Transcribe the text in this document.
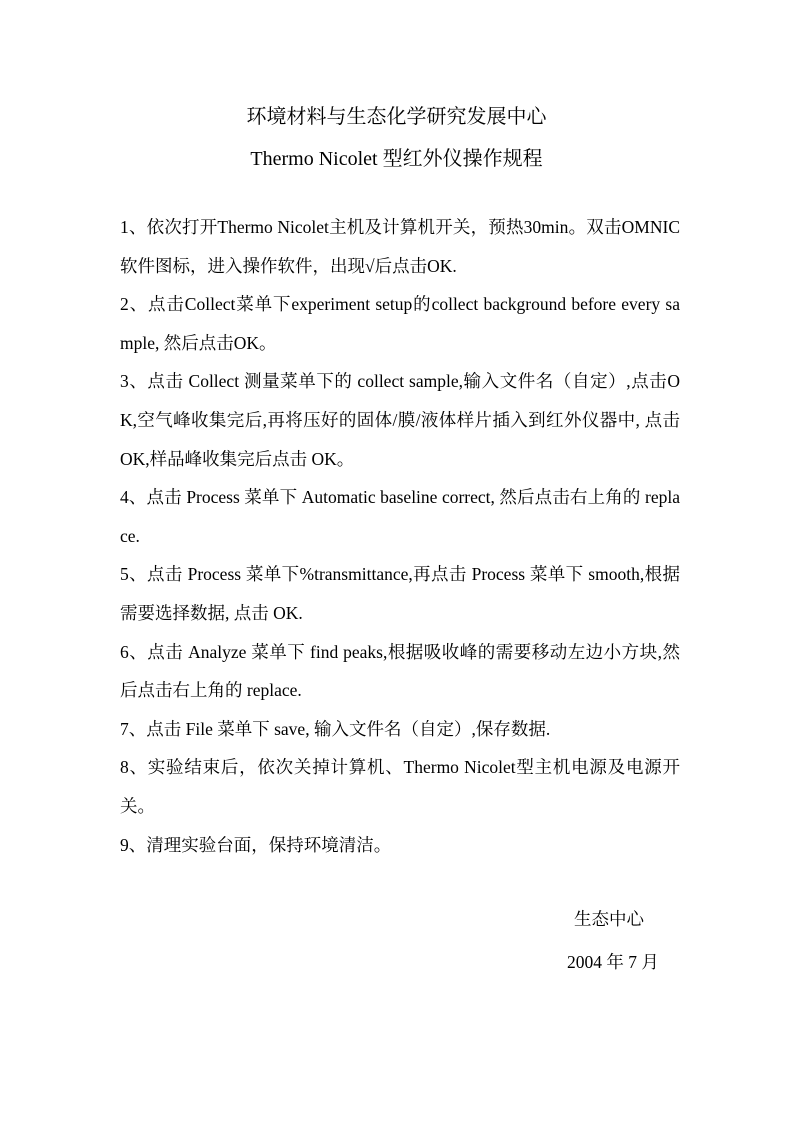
环境材料与生态化学研究发展中心
Thermo Nicolet 型红外仪操作规程
1、依次打开Thermo Nicolet主机及计算机开关，预热30min。双击OMNIC软件图标，进入操作软件，出现√后点击OK.
2、点击Collect菜单下experiment setup的collect background before every sample, 然后点击OK。
3、点击 Collect 测量菜单下的 collect sample,输入文件名（自定）,点击OK,空气峰收集完后,再将压好的固体/膜/液体样片插入到红外仪器中, 点击 OK,样品峰收集完后点击 OK。
4、点击 Process 菜单下 Automatic baseline correct, 然后点击右上角的 replace.
5、点击 Process 菜单下%transmittance,再点击 Process 菜单下 smooth,根据需要选择数据, 点击 OK.
6、点击 Analyze 菜单下 find peaks,根据吸收峰的需要移动左边小方块,然后点击右上角的 replace.
7、点击 File 菜单下 save, 输入文件名（自定）,保存数据.
8、实验结束后，依次关掉计算机、Thermo Nicolet型主机电源及电源开关。
9、清理实验台面，保持环境清洁。
生态中心
2004 年 7 月
